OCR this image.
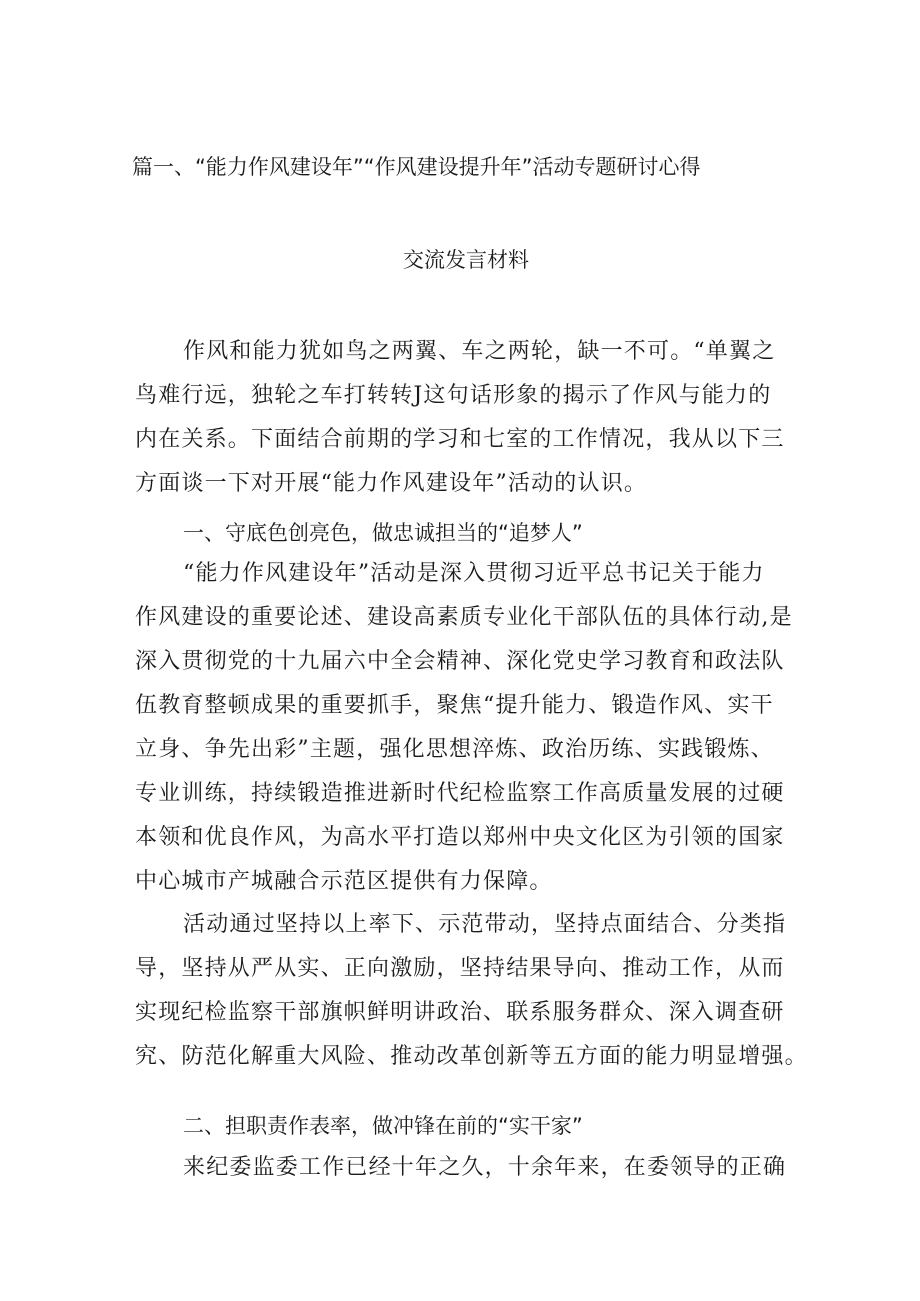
篇一、“能力作风建设年”“作风建设提升年”活动专题研讨心得
交流发言材料
作风和能力犹如鸟之两翼、车之两轮，缺一不可。“单翼之
鸟难行远，独轮之车打转转J这句话形象的揭示了作风与能力的
内在关系。下面结合前期的学习和七室的工作情况，我从以下三
方面谈一下对开展“能力作风建设年”活动的认识。
一、守底色创亮色，做忠诚担当的“追梦人”
“能力作风建设年”活动是深入贯彻习近平总书记关于能力
作风建设的重要论述、建设高素质专业化干部队伍的具体行动,是
深入贯彻党的十九届六中全会精神、深化党史学习教育和政法队
伍教育整顿成果的重要抓手，聚焦“提升能力、锻造作风、实干
立身、争先出彩”主题，强化思想淬炼、政治历练、实践锻炼、
专业训练，持续锻造推进新时代纪检监察工作高质量发展的过硬
本领和优良作风，为高水平打造以郑州中央文化区为引领的国家
中心城市产城融合示范区提供有力保障。
活动通过坚持以上率下、示范带动，坚持点面结合、分类指
导，坚持从严从实、正向激励，坚持结果导向、推动工作，从而
实现纪检监察干部旗帜鲜明讲政治、联系服务群众、深入调查研
究、防范化解重大风险、推动改革创新等五方面的能力明显增强。
二、担职责作表率，做冲锋在前的“实干家”
来纪委监委工作已经十年之久，十余年来，在委领导的正确
